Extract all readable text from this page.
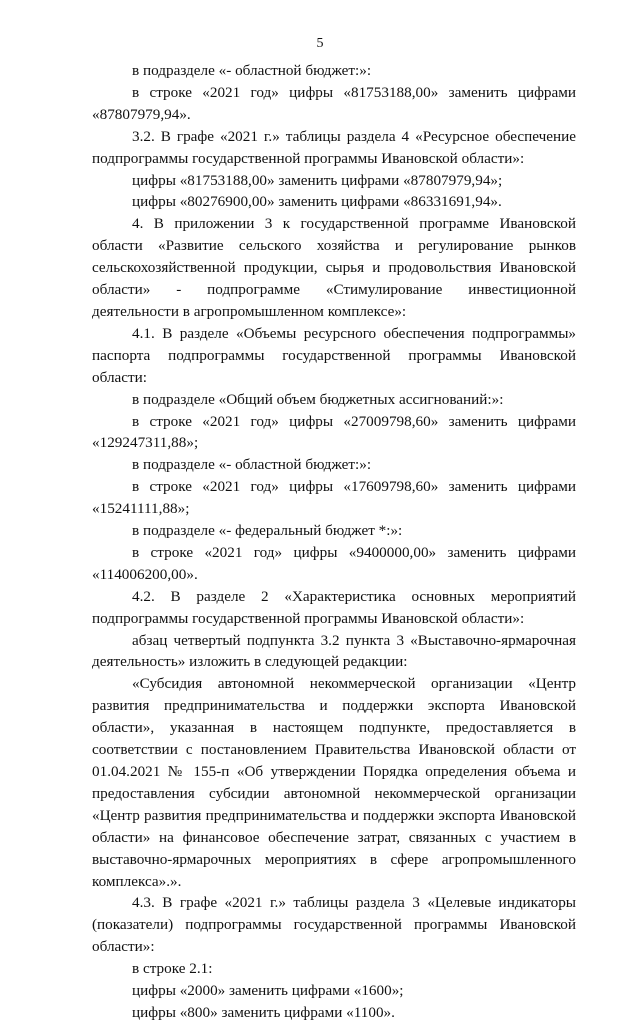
5

в подразделе «- областной бюджет:»:

в строке «2021 год» цифры «81753188,00» заменить цифрами «87807979,94».

3.2. В графе «2021 г.» таблицы раздела 4 «Ресурсное обеспечение подпрограммы государственной программы Ивановской области»:

цифры «81753188,00» заменить цифрами «87807979,94»;

цифры «80276900,00» заменить цифрами «86331691,94».

4. В приложении 3 к государственной программе Ивановской области «Развитие сельского хозяйства и регулирование рынков сельскохозяйственной продукции, сырья и продовольствия Ивановской области» - подпрограмме «Стимулирование инвестиционной деятельности в агропромышленном комплексе»:

4.1. В разделе «Объемы ресурсного обеспечения подпрограммы» паспорта подпрограммы государственной программы Ивановской области:

в подразделе «Общий объем бюджетных ассигнований:»:

в строке «2021 год» цифры «27009798,60» заменить цифрами «129247311,88»;

в подразделе «- областной бюджет:»:

в строке «2021 год» цифры «17609798,60» заменить цифрами «15241111,88»;

в подразделе «- федеральный бюджет *:»:

в строке «2021 год» цифры «9400000,00» заменить цифрами «114006200,00».

4.2. В разделе 2 «Характеристика основных мероприятий подпрограммы государственной программы Ивановской области»:

абзац четвертый подпункта 3.2 пункта 3 «Выставочно-ярмарочная деятельность» изложить в следующей редакции:

«Субсидия автономной некоммерческой организации «Центр развития предпринимательства и поддержки экспорта Ивановской области», указанная в настоящем подпункте, предоставляется в соответствии с постановлением Правительства Ивановской области от 01.04.2021 № 155-п «Об утверждении Порядка определения объема и предоставления субсидии автономной некоммерческой организации «Центр развития предпринимательства и поддержки экспорта Ивановской области» на финансовое обеспечение затрат, связанных с участием в выставочно-ярмарочных мероприятиях в сфере агропромышленного комплекса».».

4.3. В графе «2021 г.» таблицы раздела 3 «Целевые индикаторы (показатели) подпрограммы государственной программы Ивановской области»:

в строке 2.1:

цифры «2000» заменить цифрами «1600»;

цифры «800» заменить цифрами «1100».
